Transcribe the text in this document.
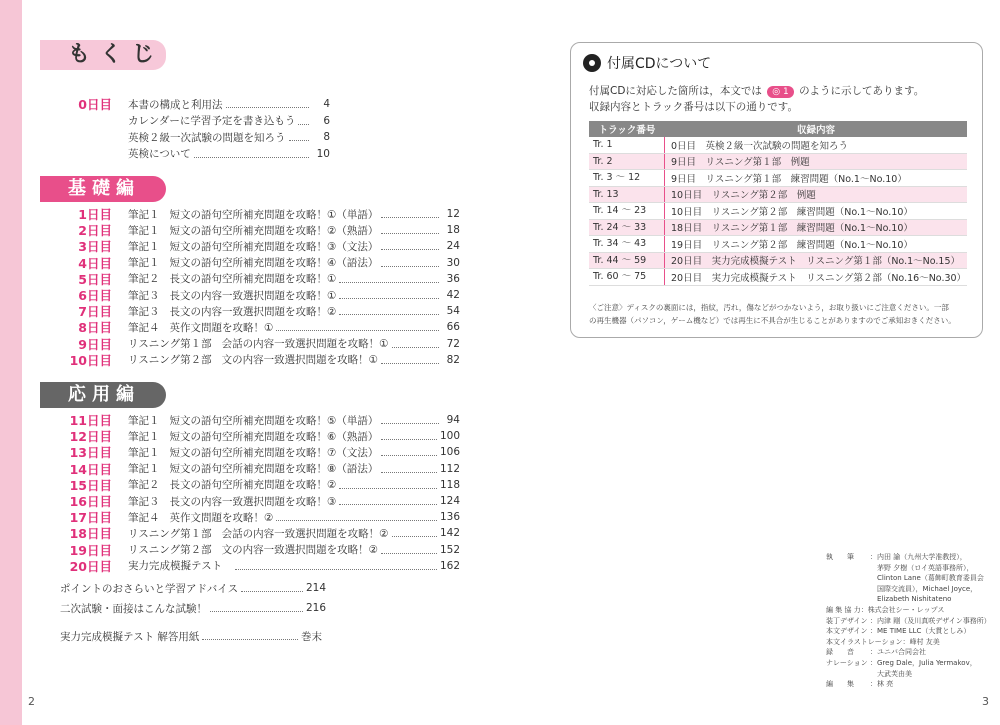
もくじ
0日目	本書の構成と利用法	4
カレンダーに学習予定を書き込もう	6
英検２級一次試験の問題を知ろう	8
英検について	10
基礎編
1日目	筆記１ 短文の語句空所補充問題を攻略！①（単語）	12
2日目	筆記１ 短文の語句空所補充問題を攻略！②（熟語）	18
3日目	筆記１ 短文の語句空所補充問題を攻略！③（文法）	24
4日目	筆記１ 短文の語句空所補充問題を攻略！④（語法）	30
5日目	筆記２ 長文の語句空所補充問題を攻略！①	36
6日目	筆記３ 長文の内容一致選択問題を攻略！①	42
7日目	筆記３ 長文の内容一致選択問題を攻略！②	54
8日目	筆記４ 英作文問題を攻略！①	66
9日目	リスニング第１部 会話の内容一致選択問題を攻略！①	72
10日目	リスニング第２部 文の内容一致選択問題を攻略！①	82
応用編
11日目	筆記１ 短文の語句空所補充問題を攻略！⑤（単語）	94
12日目	筆記１ 短文の語句空所補充問題を攻略！⑥（熟語）	100
13日目	筆記１ 短文の語句空所補充問題を攻略！⑦（文法）	106
14日目	筆記１ 短文の語句空所補充問題を攻略！⑧（語法）	112
15日目	筆記２ 長文の語句空所補充問題を攻略！②	118
16日目	筆記３ 長文の内容一致選択問題を攻略！③	124
17日目	筆記４ 英作文問題を攻略！②	136
18日目	リスニング第１部 会話の内容一致選択問題を攻略！②	142
19日目	リスニング第２部 文の内容一致選択問題を攻略！②	152
20日目	実力完成模擬テスト	162
ポイントのおさらいと学習アドバイス	214
二次試験・面接はこんな試験！	216
実力完成模擬テスト 解答用紙	巻末
2
付属CDについて
付属CDに対応した箇所は，本文では ◎ 1 のように示してあります。
収録内容とトラック番号は以下の通りです。
トラック番号	収録内容
Tr. 1	0日目　英検２級一次試験の問題を知ろう
Tr. 2	9日目　リスニング第１部　例題
Tr. 3 〜 12	9日目　リスニング第１部　練習問題（No.1〜No.10）
Tr. 13	10日目　リスニング第２部　例題
Tr. 14 〜 23	10日目　リスニング第２部　練習問題（No.1〜No.10）
Tr. 24 〜 33	18日目　リスニング第１部　練習問題（No.1〜No.10）
Tr. 34 〜 43	19日目　リスニング第２部　練習問題（No.1〜No.10）
Tr. 44 〜 59	20日目　実力完成模擬テスト　リスニング第１部（No.1〜No.15）
Tr. 60 〜 75	20日目　実力完成模擬テスト　リスニング第２部（No.16〜No.30）
〈ご注意〉ディスクの裏面には，指紋，汚れ，傷などがつかないよう，お取り扱いにご注意ください。一部
の再生機器（パソコン，ゲーム機など）では再生に不具合が生じることがありますのでご承知おきください。
執　　筆	： 内田 諭（九州大学准教授），

茅野 夕樹（ロイ英語事務所），

Clinton Lane（葛飾町教育委員会 国際交流員），Michael Joyce，

Elizabeth Nishitateno
編 集 協 力 ： 株式会社シー・レップス
装丁デザイン ： 内津 剛（及川真咲デザイン事務所）
本文デザイン ： ME TIME LLC（大貫としみ）
本文イラストレーション ： 峰村 友美
録　　音	： ユニバ合同会社
ナレーション ： Greg Dale，Julia Yermakov，

大武芙由美
編　　集	： 林 亮
3
